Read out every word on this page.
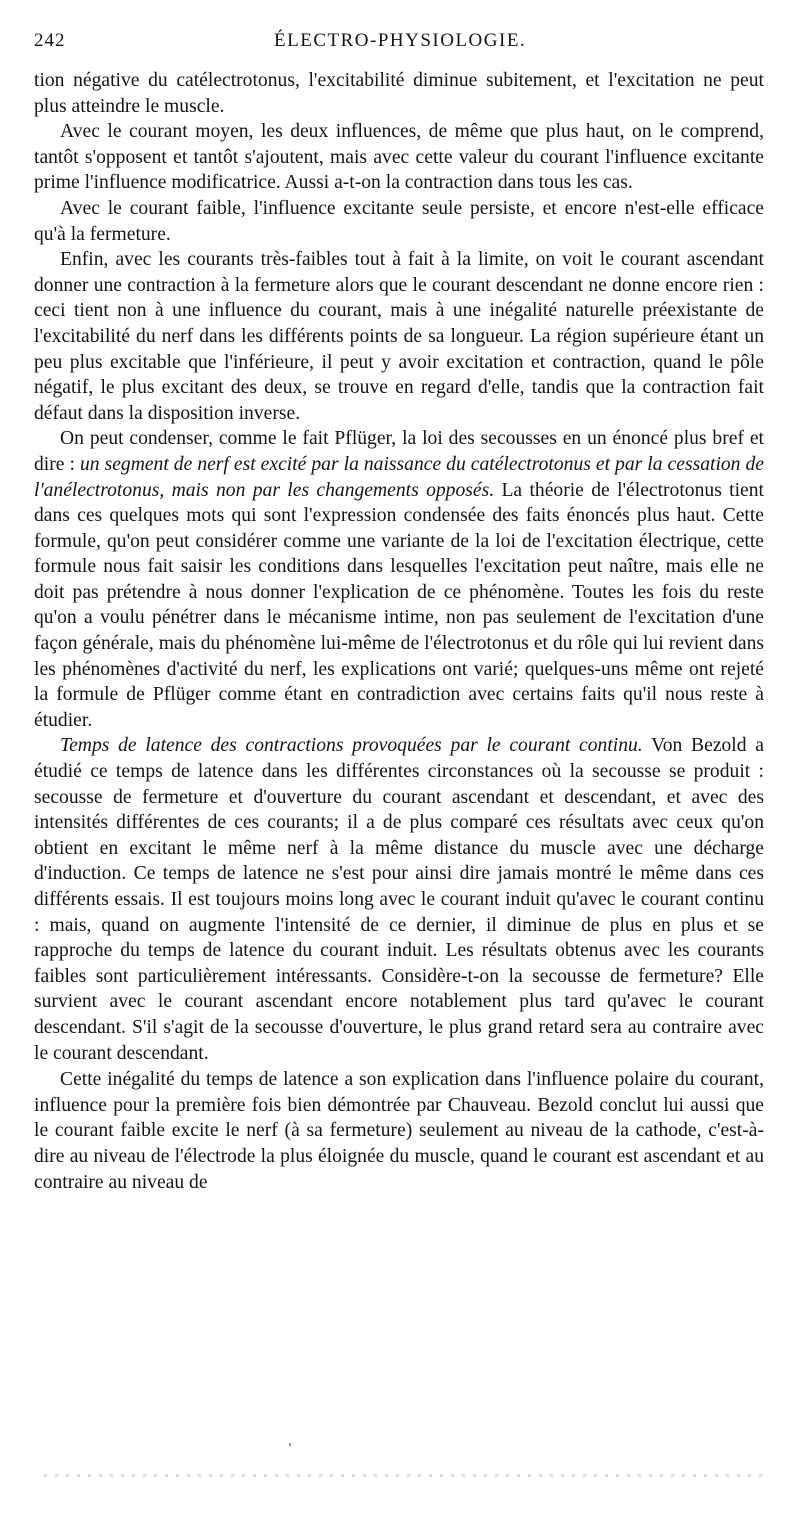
242	ÉLECTRO-PHYSIOLOGIE.

tion négative du catélectrotonus, l'excitabilité diminue subitement, et l'excitation ne peut plus atteindre le muscle.

Avec le courant moyen, les deux influences, de même que plus haut, on le comprend, tantôt s'opposent et tantôt s'ajoutent, mais avec cette valeur du courant l'influence excitante prime l'influence modificatrice. Aussi a-t-on la contraction dans tous les cas.

Avec le courant faible, l'influence excitante seule persiste, et encore n'est-elle efficace qu'à la fermeture.

Enfin, avec les courants très-faibles tout à fait à la limite, on voit le courant ascendant donner une contraction à la fermeture alors que le courant descendant ne donne encore rien : ceci tient non à une influence du courant, mais à une inégalité naturelle préexistante de l'excitabilité du nerf dans les différents points de sa longueur. La région supérieure étant un peu plus excitable que l'inférieure, il peut y avoir excitation et contraction, quand le pôle négatif, le plus excitant des deux, se trouve en regard d'elle, tandis que la contraction fait défaut dans la disposition inverse.

On peut condenser, comme le fait Pflüger, la loi des secousses en un énoncé plus bref et dire : un segment de nerf est excité par la naissance du catélectrotonus et par la cessation de l'anélectrotonus, mais non par les changements opposés. La théorie de l'électrotonus tient dans ces quelques mots qui sont l'expression condensée des faits énoncés plus haut. Cette formule, qu'on peut considérer comme une variante de la loi de l'excitation électrique, cette formule nous fait saisir les conditions dans lesquelles l'excitation peut naître, mais elle ne doit pas prétendre à nous donner l'explication de ce phénomène. Toutes les fois du reste qu'on a voulu pénétrer dans le mécanisme intime, non pas seulement de l'excitation d'une façon générale, mais du phénomène lui-même de l'électrotonus et du rôle qui lui revient dans les phénomènes d'activité du nerf, les explications ont varié; quelques-uns même ont rejeté la formule de Pflüger comme étant en contradiction avec certains faits qu'il nous reste à étudier.

Temps de latence des contractions provoquées par le courant continu. Von Bezold a étudié ce temps de latence dans les différentes circonstances où la secousse se produit : secousse de fermeture et d'ouverture du courant ascendant et descendant, et avec des intensités différentes de ces courants; il a de plus comparé ces résultats avec ceux qu'on obtient en excitant le même nerf à la même distance du muscle avec une décharge d'induction. Ce temps de latence ne s'est pour ainsi dire jamais montré le même dans ces différents essais. Il est toujours moins long avec le courant induit qu'avec le courant continu : mais, quand on augmente l'intensité de ce dernier, il diminue de plus en plus et se rapproche du temps de latence du courant induit. Les résultats obtenus avec les courants faibles sont particulièrement intéressants. Considère-t-on la secousse de fermeture? Elle survient avec le courant ascendant encore notablement plus tard qu'avec le courant descendant. S'il s'agit de la secousse d'ouverture, le plus grand retard sera au contraire avec le courant descendant.

Cette inégalité du temps de latence a son explication dans l'influence polaire du courant, influence pour la première fois bien démontrée par Chauveau. Bezold conclut lui aussi que le courant faible excite le nerf (à sa fermeture) seulement au niveau de la cathode, c'est-à-dire au niveau de l'électrode la plus éloignée du muscle, quand le courant est ascendant et au contraire au niveau de
